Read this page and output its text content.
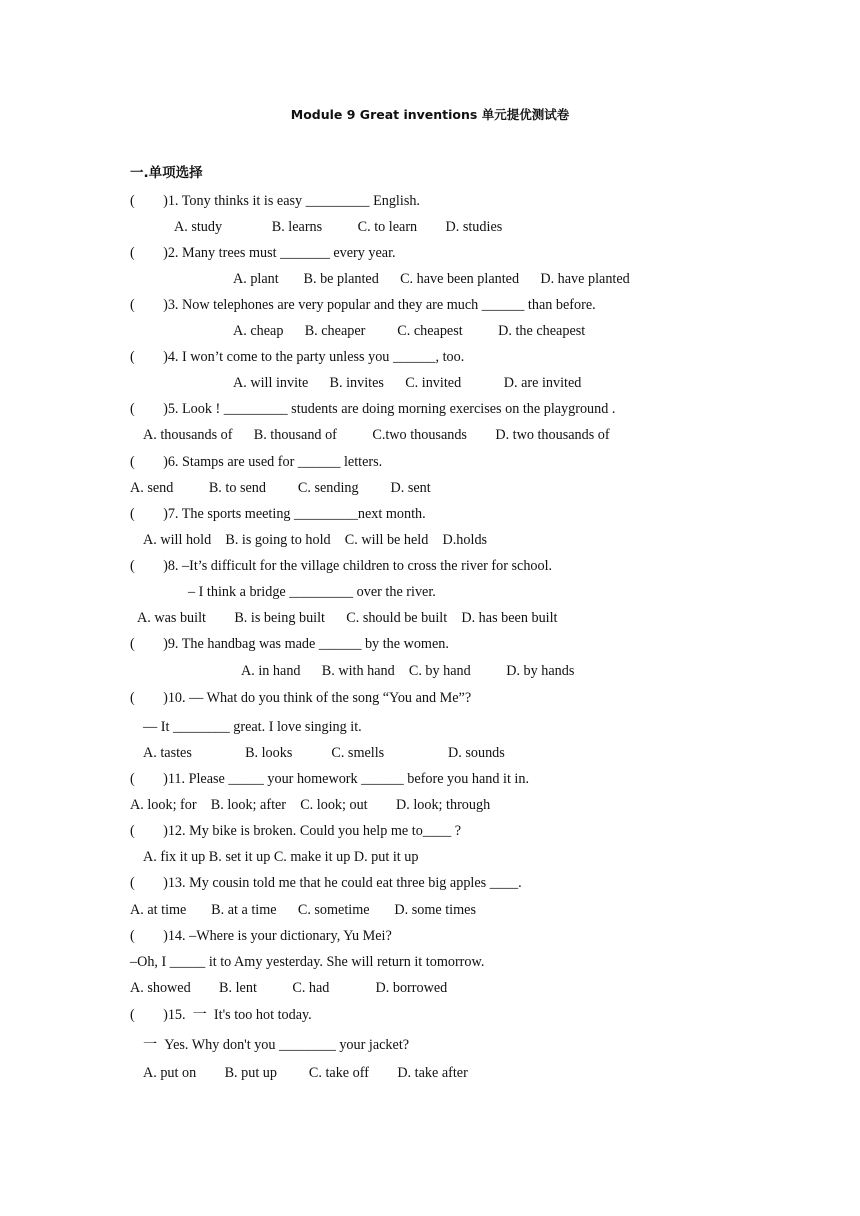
Module 9 Great inventions 单元提优测试卷
一.单项选择
(        )1. Tony thinks it is easy _________ English.
A. study              B. learns          C. to learn        D. studies
(        )2. Many trees must _______ every year.
A. plant       B. be planted      C. have been planted      D. have planted
(        )3. Now telephones are very popular and they are much ______ than before.
A. cheap      B. cheaper         C. cheapest          D. the cheapest
(        )4. I won’t come to the party unless you ______, too.
A. will invite      B. invites      C. invited            D. are invited
(        )5. Look ! _________ students are doing morning exercises on the playground .
A. thousands of      B. thousand of          C.two thousands        D. two thousands of
(        )6. Stamps are used for ______ letters.
A. send          B. to send         C. sending         D. sent
(        )7. The sports meeting _________next month.
A. will hold    B. is going to hold    C. will be held    D.holds
(        )8. –It’s difficult for the village children to cross the river for school.
– I think a bridge _________ over the river.
A. was built        B. is being built      C. should be built    D. has been built
(        )9. The handbag was made ______ by the women.
A. in hand      B. with hand    C. by hand          D. by hands
(        )10. — What do you think of the song “You and Me”?
— It ________ great. I love singing it.
A. tastes               B. looks           C. smells                  D. sounds
(        )11. Please _____ your homework ______ before you hand it in.
A. look; for    B. look; after    C. look; out        D. look; through
(        )12. My bike is broken. Could you help me to____ ?
A. fix it up B. set it up C. make it up D. put it up
(        )13. My cousin told me that he could eat three big apples ____.
A. at time       B. at a time      C. sometime       D. some times
(        )14. –Where is your dictionary, Yu Mei?
–Oh, I _____ it to Amy yesterday. She will return it tomorrow.
A. showed        B. lent          C. had             D. borrowed
(        )15.  一  It's too hot today.
一  Yes. Why don't you ________ your jacket?
A. put on        B. put up         C. take off        D. take after
